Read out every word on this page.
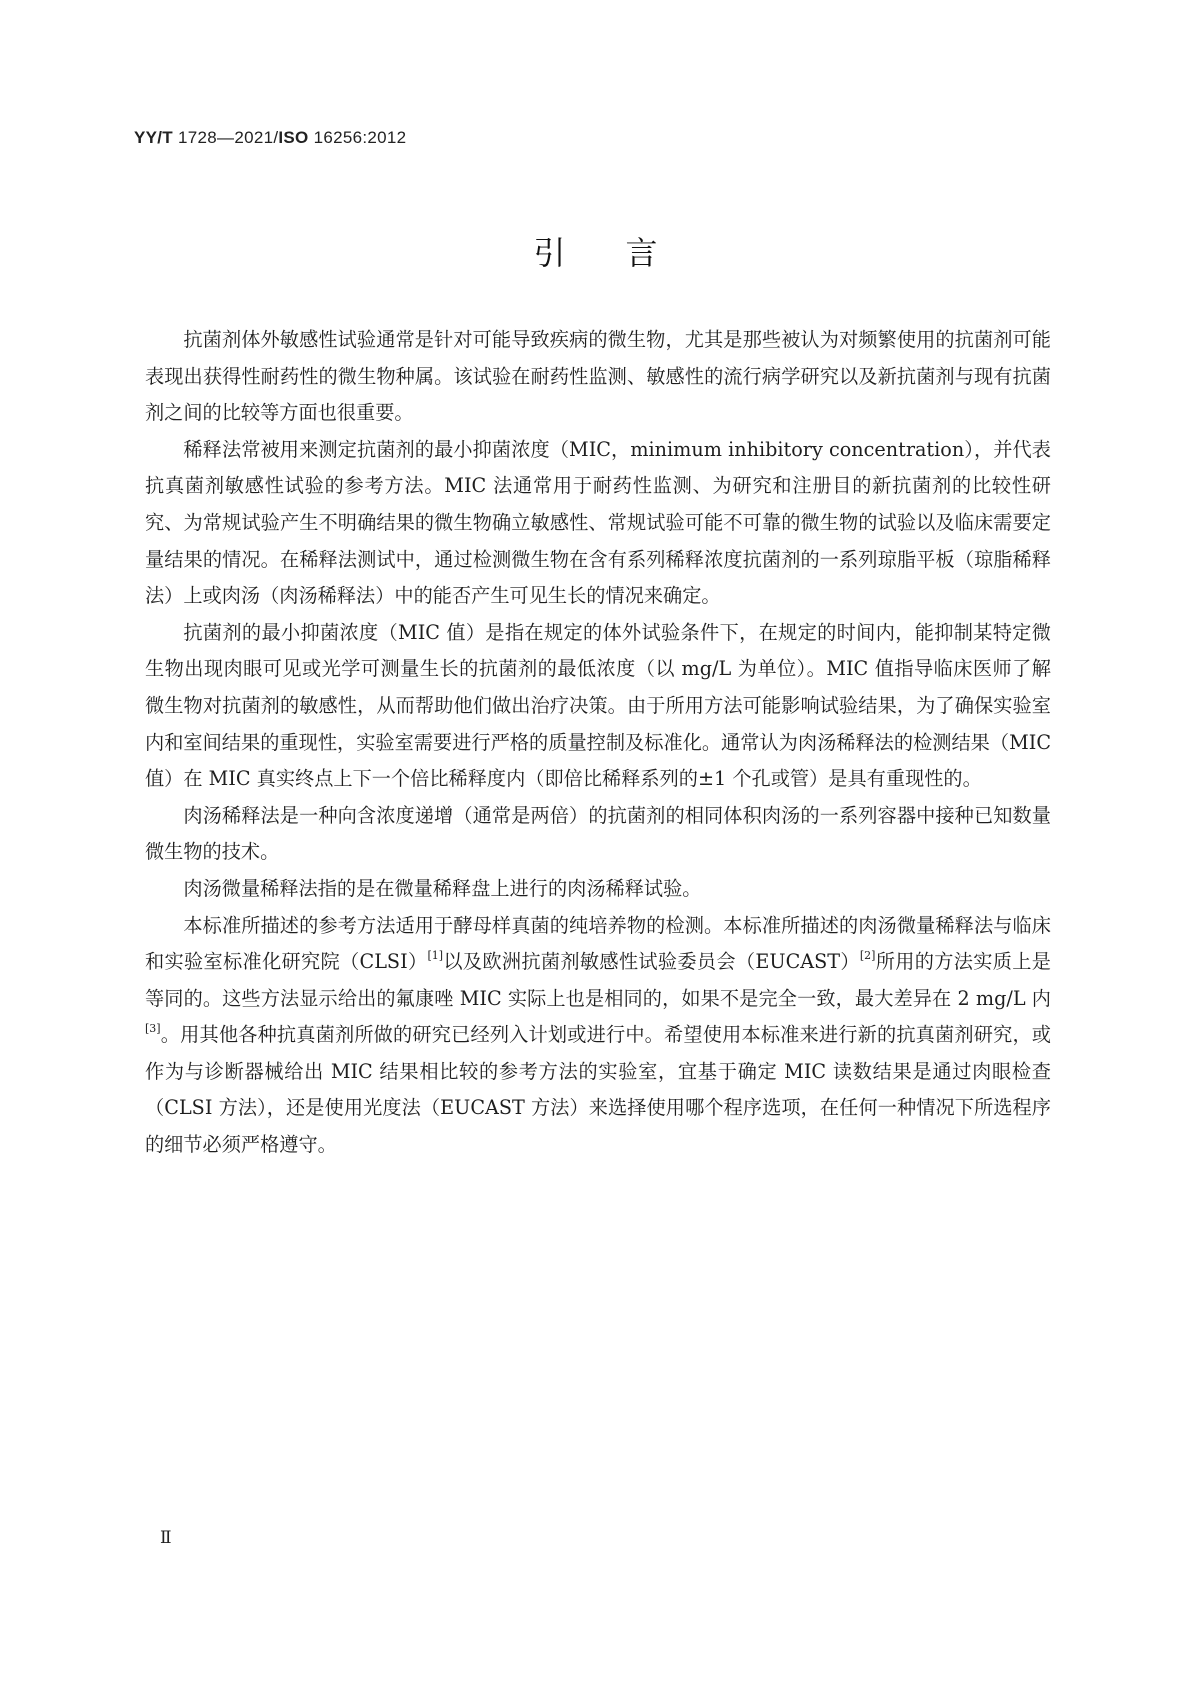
YY/T 1728—2021/ISO 16256:2012
引言

抗菌剂体外敏感性试验通常是针对可能导致疾病的微生物，尤其是那些被认为对频繁使用的抗菌剂可能表现出获得性耐药性的微生物种属。该试验在耐药性监测、敏感性的流行病学研究以及新抗菌剂与现有抗菌剂之间的比较等方面也很重要。

稀释法常被用来测定抗菌剂的最小抑菌浓度（MIC，minimum inhibitory concentration），并代表抗真菌剂敏感性试验的参考方法。MIC 法通常用于耐药性监测、为研究和注册目的新抗菌剂的比较性研究、为常规试验产生不明确结果的微生物确立敏感性、常规试验可能不可靠的微生物的试验以及临床需要定量结果的情况。在稀释法测试中，通过检测微生物在含有系列稀释浓度抗菌剂的一系列琼脂平板（琼脂稀释法）上或肉汤（肉汤稀释法）中的能否产生可见生长的情况来确定。

抗菌剂的最小抑菌浓度（MIC 值）是指在规定的体外试验条件下，在规定的时间内，能抑制某特定微生物出现肉眼可见或光学可测量生长的抗菌剂的最低浓度（以 mg/L 为单位）。MIC 值指导临床医师了解微生物对抗菌剂的敏感性，从而帮助他们做出治疗决策。由于所用方法可能影响试验结果，为了确保实验室内和室间结果的重现性，实验室需要进行严格的质量控制及标准化。通常认为肉汤稀释法的检测结果（MIC 值）在 MIC 真实终点上下一个倍比稀释度内（即倍比稀释系列的±1 个孔或管）是具有重现性的。

肉汤稀释法是一种向含浓度递增（通常是两倍）的抗菌剂的相同体积肉汤的一系列容器中接种已知数量微生物的技术。

肉汤微量稀释法指的是在微量稀释盘上进行的肉汤稀释试验。

本标准所描述的参考方法适用于酵母样真菌的纯培养物的检测。本标准所描述的肉汤微量稀释法与临床和实验室标准化研究院（CLSI）[1]以及欧洲抗菌剂敏感性试验委员会（EUCAST）[2]所用的方法实质上是等同的。这些方法显示给出的氟康唑 MIC 实际上也是相同的，如果不是完全一致，最大差异在 2 mg/L 内[3]。用其他各种抗真菌剂所做的研究已经列入计划或进行中。希望使用本标准来进行新的抗真菌剂研究，或作为与诊断器械给出 MIC 结果相比较的参考方法的实验室，宜基于确定 MIC 读数结果是通过肉眼检查（CLSI 方法），还是使用光度法（EUCAST 方法）来选择使用哪个程序选项，在任何一种情况下所选程序的细节必须严格遵守。

Ⅱ
